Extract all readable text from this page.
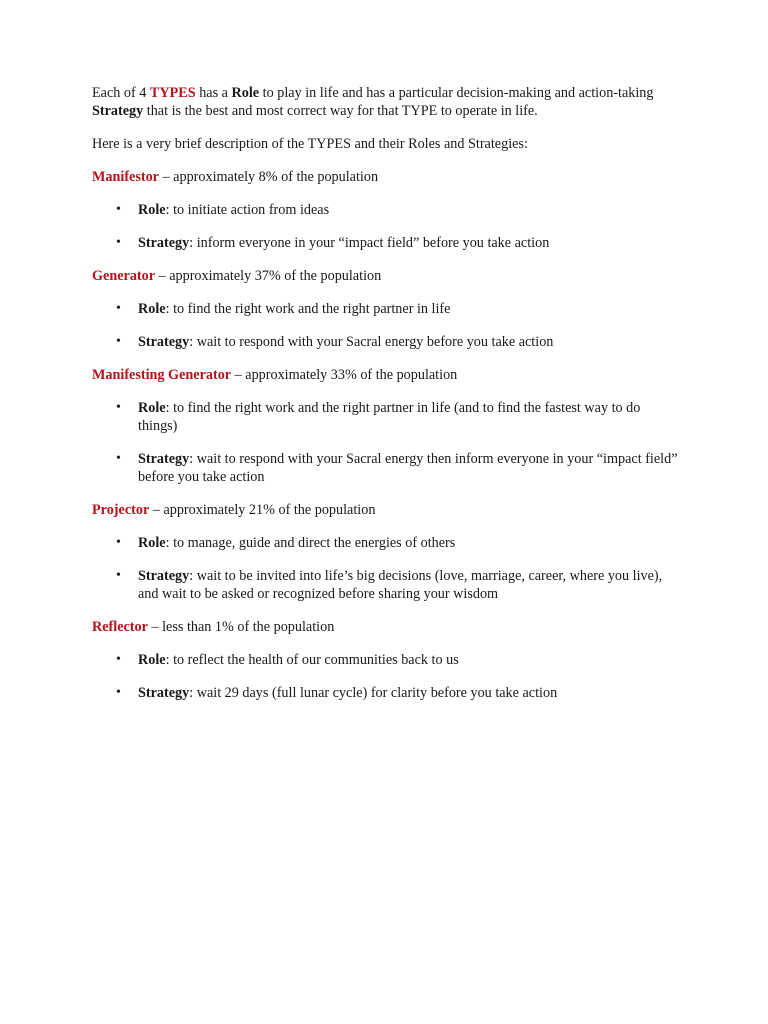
Each of 4 TYPES has a Role to play in life and has a particular decision-making and action-taking Strategy that is the best and most correct way for that TYPE to operate in life.

Here is a very brief description of the TYPES and their Roles and Strategies:

Manifestor – approximately 8% of the population

• Role: to initiate action from ideas
• Strategy: inform everyone in your “impact field” before you take action

Generator – approximately 37% of the population

• Role: to find the right work and the right partner in life
• Strategy: wait to respond with your Sacral energy before you take action

Manifesting Generator – approximately 33% of the population

• Role: to find the right work and the right partner in life (and to find the fastest way to do things)
• Strategy: wait to respond with your Sacral energy then inform everyone in your “impact field” before you take action

Projector – approximately 21% of the population

• Role: to manage, guide and direct the energies of others
• Strategy: wait to be invited into life’s big decisions (love, marriage, career, where you live), and wait to be asked or recognized before sharing your wisdom

Reflector – less than 1% of the population

• Role: to reflect the health of our communities back to us
• Strategy: wait 29 days (full lunar cycle) for clarity before you take action
